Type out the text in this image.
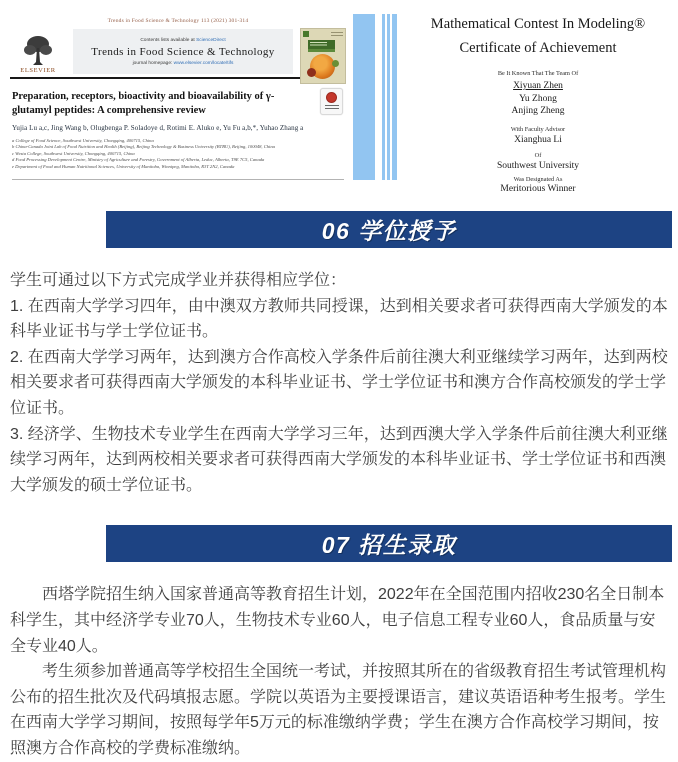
Trends in Food Science & Technology 113 (2021) 301-314
ELSEVIER
Contents lists available at ScienceDirect
Trends in Food Science & Technology
journal homepage: www.elsevier.com/locate/tifs
Preparation, receptors, bioactivity and bioavailability of γ-glutamyl peptides: A comprehensive review
Yujia Lu a,c, Jing Wang b, Olugbenga P. Soladoye d, Rotimi E. Aluko e, Yu Fu a,b,*, Yuhao Zhang a
a College of Food Science, Southwest University, Chongqing, 400715, China
b China-Canada Joint Lab of Food Nutrition and Health (Beijing), Beijing Technology & Business University (BTBU), Beijing, 100048, China
c Westa College, Southwest University, Chongqing, 400715, China
d Food Processing Development Centre, Ministry of Agriculture and Forestry, Government of Alberta, Leduc, Alberta, T9E 7C5, Canada
e Department of Food and Human Nutritional Sciences, University of Manitoba, Winnipeg, Manitoba, R3T 2N2, Canada
Mathematical Contest In Modeling®
Certificate of Achievement
Be It Known That The Team Of
Xiyuan Zhen
Yu Zhong
Anjing Zheng
With Faculty Advisor
Xianghua Li
Of
Southwest University
Was Designated As
Meritorious Winner
06 学位授予

学生可通过以下方式完成学业并获得相应学位：

1. 在西南大学学习四年，由中澳双方教师共同授课，达到相关要求者可获得西南大学颁发的本科毕业证书与学士学位证书。

2. 在西南大学学习两年，达到澳方合作高校入学条件后前往澳大利亚继续学习两年，达到两校相关要求者可获得西南大学颁发的本科毕业证书、学士学位证书和澳方合作高校颁发的学士学位证书。

3. 经济学、生物技术专业学生在西南大学学习三年，达到西澳大学入学条件后前往澳大利亚继续学习两年，达到两校相关要求者可获得西南大学颁发的本科毕业证书、学士学位证书和西澳大学颁发的硕士学位证书。

07 招生录取

西塔学院招生纳入国家普通高等教育招生计划，2022年在全国范围内招收230名全日制本科学生，其中经济学专业70人，生物技术专业60人，电子信息工程专业60人，食品质量与安全专业40人。

考生须参加普通高等学校招生全国统一考试，并按照其所在的省级教育招生考试管理机构公布的招生批次及代码填报志愿。学院以英语为主要授课语言，建议英语语种考生报考。学生在西南大学学习期间，按照每学年5万元的标准缴纳学费；学生在澳方合作高校学习期间，按照澳方合作高校的学费标准缴纳。
